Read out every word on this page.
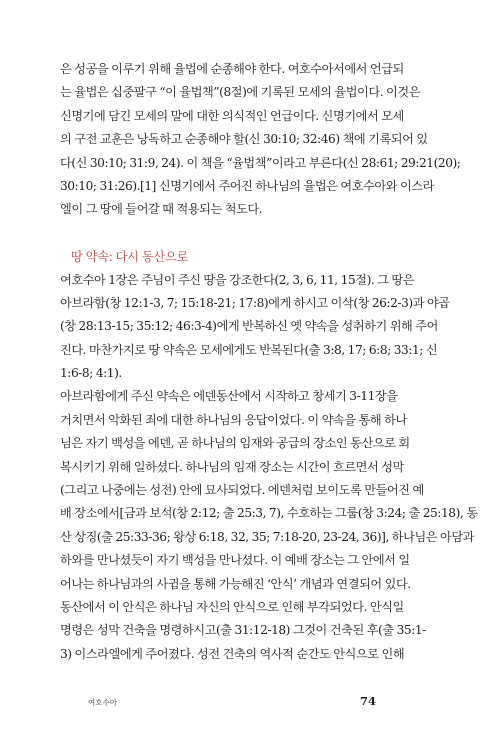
은 성공을 이루기 위해 율법에 순종해야 한다. 여호수아서에서 언급되
는 율법은 십중팔구 “이 율법책”(8절)에 기록된 모세의 율법이다. 이것은
신명기에 담긴 모세의 말에 대한 의식적인 언급이다. 신명기에서 모세
의 구전 교훈은 낭독하고 순종해야 할(신 30:10; 32:46) 책에 기록되어 있
다(신 30:10; 31:9, 24). 이 책을 “율법책”이라고 부른다(신 28:61; 29:21(20);
30:10; 31:26).[1] 신명기에서 주어진 하나님의 율법은 여호수아와 이스라
엘이 그 땅에 들어갈 때 적용되는 척도다.
땅 약속: 다시 동산으로
여호수아 1장은 주님이 주신 땅을 강조한다(2, 3, 6, 11, 15절). 그 땅은
아브라함(창 12:1-3, 7; 15:18-21; 17:8)에게 하시고 이삭(창 26:2-3)과 야곱
(창 28:13-15; 35:12; 46:3-4)에게 반복하신 옛 약속을 성취하기 위해 주어
진다. 마찬가지로 땅 약속은 모세에게도 반복된다(출 3:8, 17; 6:8; 33:1; 신
1:6-8; 4:1).
아브라함에게 주신 약속은 에덴동산에서 시작하고 창세기 3-11장을
거치면서 악화된 죄에 대한 하나님의 응답이었다. 이 약속을 통해 하나
님은 자기 백성을 에덴, 곧 하나님의 임재와 공급의 장소인 동산으로 회
복시키기 위해 일하셨다. 하나님의 임재 장소는 시간이 흐르면서 성막
(그리고 나중에는 성전) 안에 묘사되었다. 에덴처럼 보이도록 만들어진 예
배 장소에서[금과 보석(창 2:12; 출 25:3, 7), 수호하는 그룹(창 3:24; 출 25:18), 동
산 상징(출 25:33-36; 왕상 6:18, 32, 35; 7:18-20, 23-24, 36)], 하나님은 아담과
하와를 만나셨듯이 자기 백성을 만나셨다. 이 예배 장소는 그 안에서 일
어나는 하나님과의 사귐을 통해 가능해진 ‘안식’ 개념과 연결되어 있다.
동산에서 이 안식은 하나님 자신의 안식으로 인해 부각되었다. 안식일
명령은 성막 건축을 명령하시고(출 31:12-18) 그것이 건축된 후(출 35:1-
3) 이스라엘에게 주어졌다. 성전 건축의 역사적 순간도 안식으로 인해
여호수아	74
